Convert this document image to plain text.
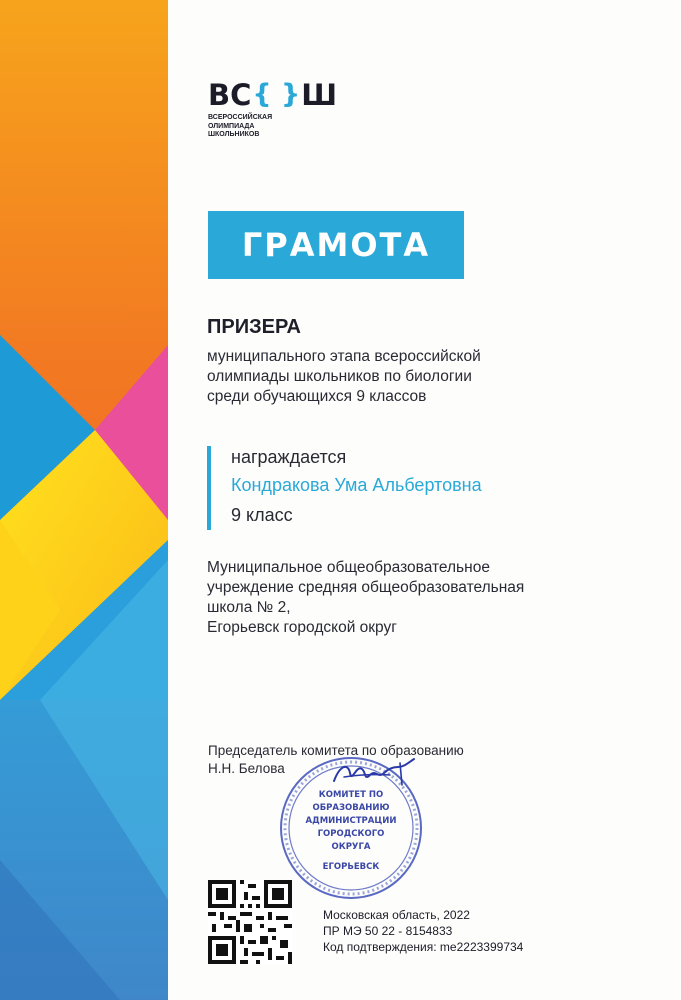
ВС { } Ш
ВСЕРОССИЙСКАЯ
ОЛИМПИАДА
ШКОЛЬНИКОВ
ГРАМОТА
ПРИЗЕРА
муниципального этапа всероссийской
олимпиады школьников по биологии
среди обучающихся 9 классов
награждается
Кондракова Ума Альбертовна
9 класс
Муниципальное общеобразовательное
учреждение средняя общеобразовательная
школа № 2,
Егорьевск городской округ
Председатель комитета по образованию
Н.Н. Белова
КОМИТЕТ ПО
ОБРАЗОВАНИЮ
АДМИНИСТРАЦИИ
ГОРОДСКОГО
ОКРУГА
ЕГОРЬЕВСК
Московская область, 2022
ПР МЭ 50 22 - 8154833
Код подтверждения: me2223399734
